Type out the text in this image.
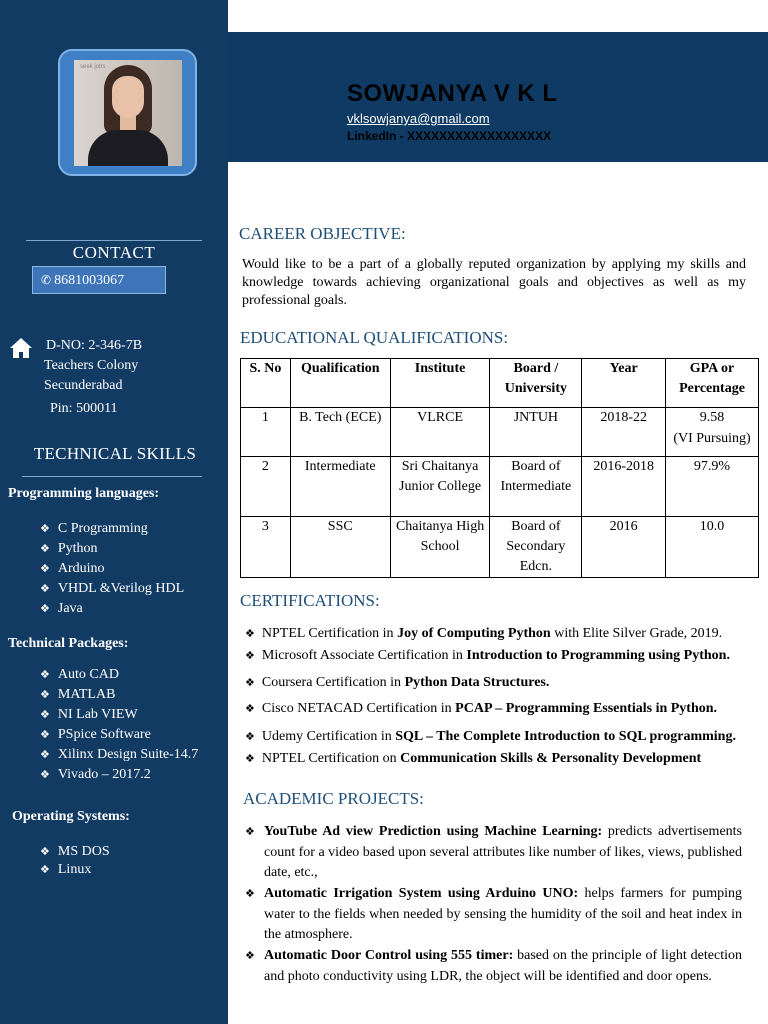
seek jobs
CONTACT
✆ 8681003067
D-NO: 2-346-7B
Teachers Colony
Secunderabad
Pin: 500011
TECHNICAL SKILLS
Programming languages:
❖ C Programming
❖ Python
❖ Arduino
❖ VHDL &Verilog HDL
❖ Java
Technical Packages:
❖ Auto CAD
❖ MATLAB
❖ NI Lab VIEW
❖ PSpice Software
❖ Xilinx Design Suite-14.7
❖ Vivado – 2017.2
Operating Systems:
❖ MS DOS
❖ Linux
SOWJANYA V K L
vklsowjanya@gmail.com
LinkedIn - XXXXXXXXXXXXXXXXXX
CAREER OBJECTIVE:
Would like to be a part of a globally reputed organization by applying my skills and knowledge towards achieving organizational goals and objectives as well as my professional goals.
EDUCATIONAL QUALIFICATIONS:
S. No	Qualification	Institute	Board / University	Year	GPA or Percentage
1	B. Tech (ECE)	VLRCE	JNTUH	2018-22	9.58
(VI Pursuing)

2	Intermediate	Sri Chaitanya Junior College	Board of Intermediate	2016-2018	97.9%
3	SSC	Chaitanya High School	Board of Secondary Edcn.	2016	10.0
CERTIFICATIONS:
❖ NPTEL Certification in Joy of Computing Python with Elite Silver Grade, 2019.
❖ Microsoft Associate Certification in Introduction to Programming using Python.
❖ Coursera Certification in Python Data Structures.
❖ Cisco NETACAD Certification in PCAP – Programming Essentials in Python.
❖ Udemy Certification in SQL – The Complete Introduction to SQL programming.
❖ NPTEL Certification on Communication Skills & Personality Development
ACADEMIC PROJECTS:
❖ YouTube Ad view Prediction using Machine Learning: predicts advertisements count for a video based upon several attributes like number of likes, views, published date, etc.,
❖ Automatic Irrigation System using Arduino UNO: helps farmers for pumping water to the fields when needed by sensing the humidity of the soil and heat index in the atmosphere.
❖ Automatic Door Control using 555 timer: based on the principle of light detection and photo conductivity using LDR, the object will be identified and door opens.
